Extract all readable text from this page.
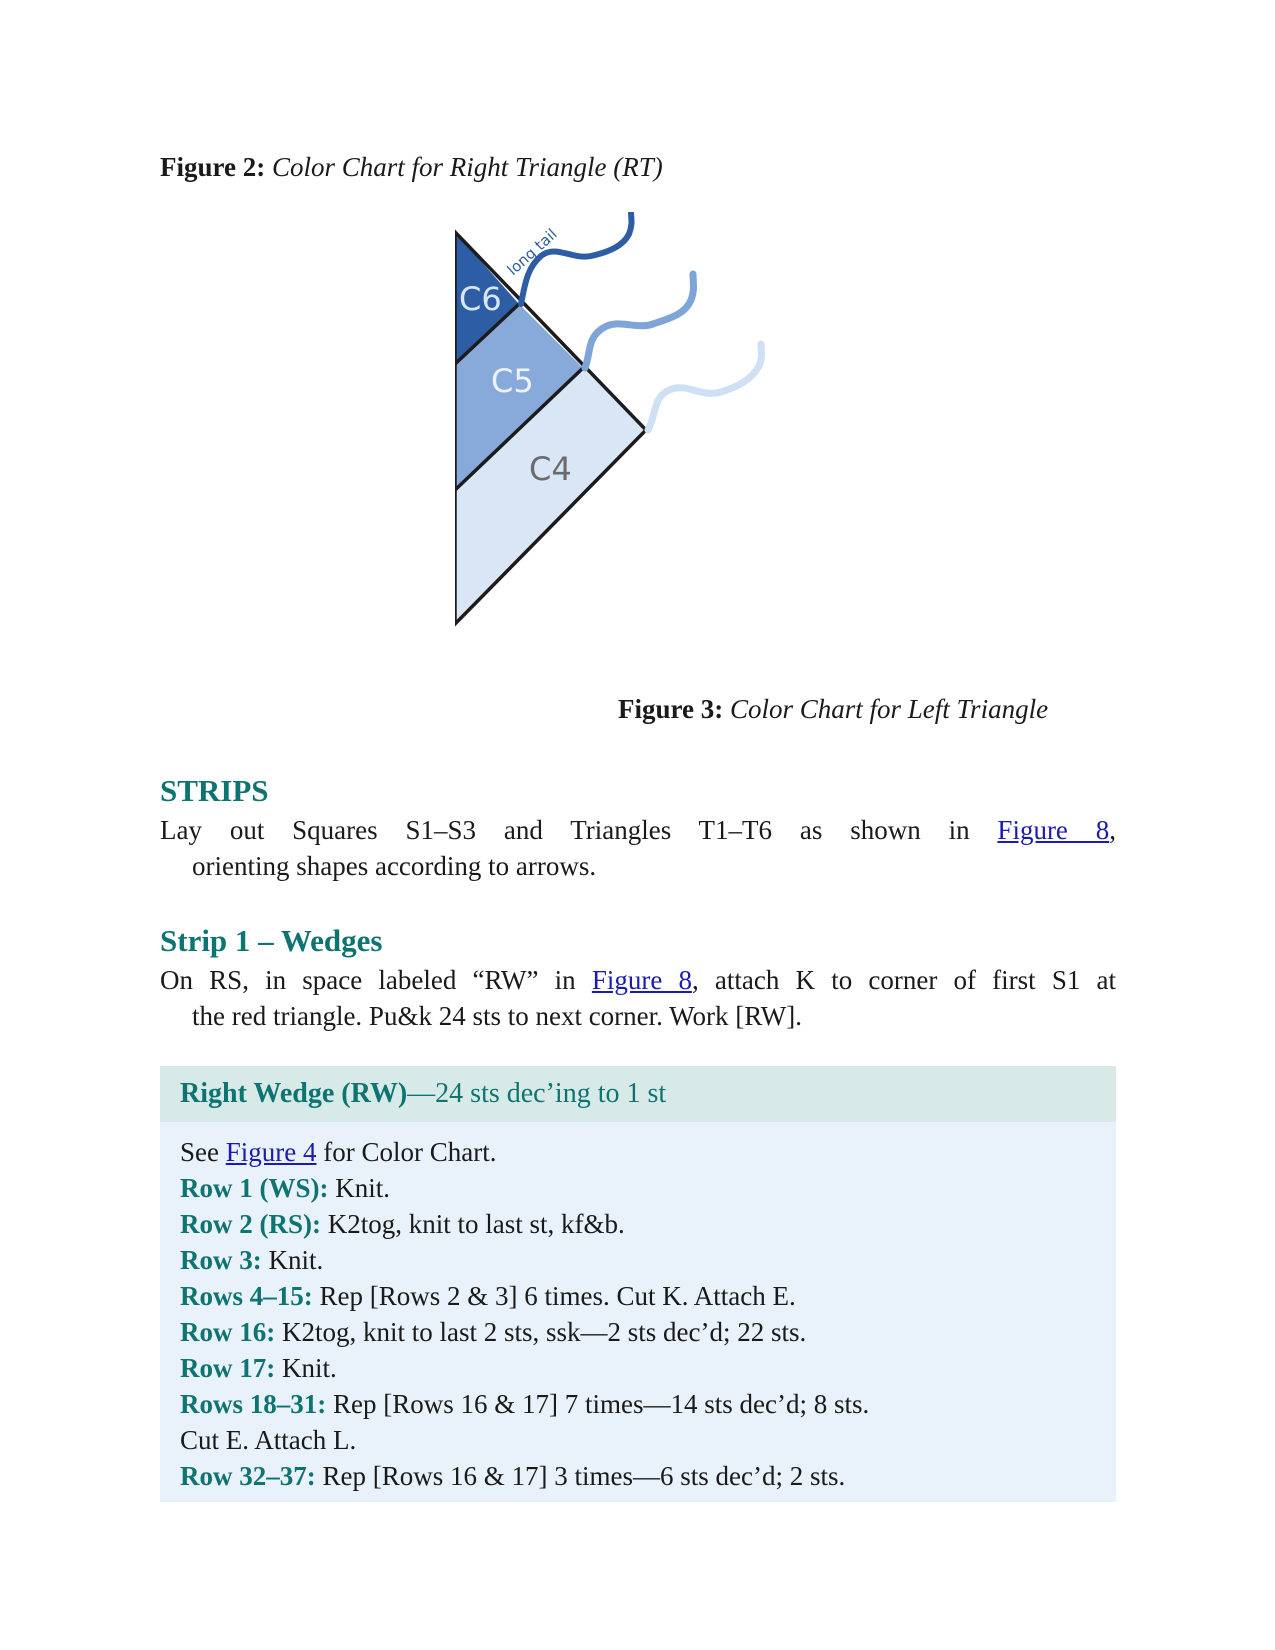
Figure 2: Color Chart for Right Triangle (RT)
long tail
C6
C5
C4
Figure 3: Color Chart for Left Triangle
STRIPS
Lay out Squares S1–S3 and Triangles T1–T6 as shown in Figure 8,
orienting shapes according to arrows.
Strip 1 – Wedges
On RS, in space labeled “RW” in Figure 8, attach K to corner of first S1 at
the red triangle. Pu&k 24 sts to next corner. Work [RW].
Right Wedge (RW)—24 sts dec’ing to 1 st
See Figure 4 for Color Chart.
Row 1 (WS): Knit.
Row 2 (RS): K2tog, knit to last st, kf&b.
Row 3: Knit.
Rows 4–15: Rep [Rows 2 & 3] 6 times. Cut K. Attach E.
Row 16: K2tog, knit to last 2 sts, ssk—2 sts dec’d; 22 sts.
Row 17: Knit.
Rows 18–31: Rep [Rows 16 & 17] 7 times—14 sts dec’d; 8 sts.
Cut E. Attach L.
Row 32–37: Rep [Rows 16 & 17] 3 times—6 sts dec’d; 2 sts.
